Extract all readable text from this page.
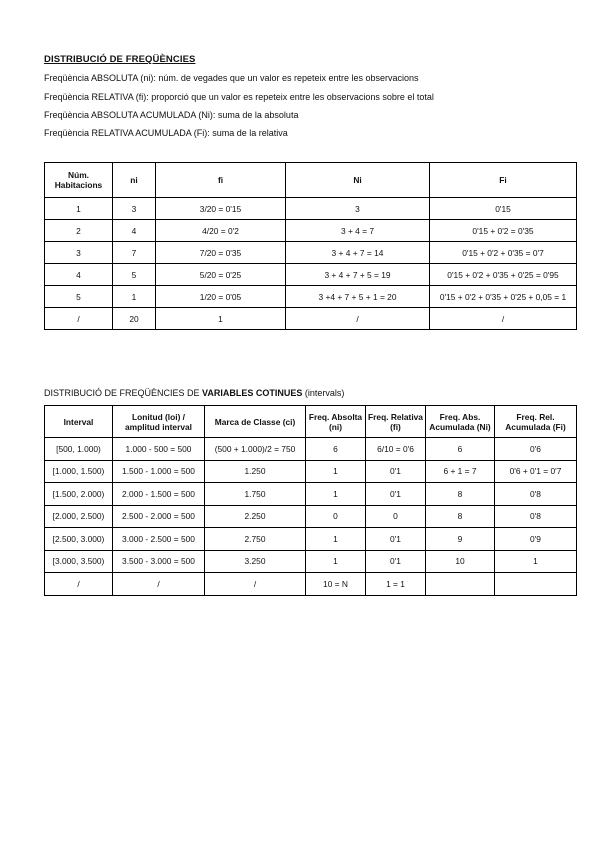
DISTRIBUCIÓ DE FREQÜÈNCIES
Freqüència ABSOLUTA (ni): núm. de vegades que un valor es repeteix entre les observacions
Freqüència RELATIVA (fi): proporció que un valor es repeteix entre les observacions sobre el total
Freqüència ABSOLUTA ACUMULADA (Ni): suma de la absoluta
Freqüència RELATIVA ACUMULADA (Fi): suma de la relativa
Núm. Habitacions	ni	fi	Ni	Fi
1	3	3/20 = 0'15	3	0'15
2	4	4/20 = 0'2	3 + 4 = 7	0'15 + 0'2 = 0'35
3	7	7/20 = 0'35	3 + 4 + 7 = 14	0'15 + 0'2 + 0'35 = 0'7
4	5	5/20 = 0'25	3 + 4 + 7 + 5 = 19	0'15 + 0'2 + 0'35 + 0'25 = 0'95
5	1	1/20 = 0'05	3 +4 + 7 + 5 + 1 = 20	0'15 + 0'2 + 0'35 + 0'25 + 0,05 = 1
/	20	1	/	/
DISTRIBUCIÓ DE FREQÜÈNCIES DE VARIABLES COTINUES (intervals)
Interval	Lonitud (loi) / amplitud interval	Marca de Classe (ci)	Freq. Absolta (ni)	Freq. Relativa (fi)	Freq. Abs. Acumulada (Ni)	Freq. Rel. Acumulada (Fi)
[500, 1.000)	1.000 - 500 = 500	(500 + 1.000)/2 = 750	6	6/10 = 0'6	6	0'6
[1.000, 1.500)	1.500 - 1.000 = 500	1.250	1	0'1	6 + 1 = 7	0'6 + 0'1 = 0'7
[1.500, 2.000)	2.000 - 1.500 = 500	1.750	1	0'1	8	0'8
[2.000, 2.500)	2.500 - 2.000 = 500	2.250	0	0	8	0'8
[2.500, 3.000)	3.000 - 2.500 = 500	2.750	1	0'1	9	0'9
[3.000, 3.500)	3.500 - 3.000 = 500	3.250	1	0'1	10	1
/	/	/	10 = N	1 = 1		
